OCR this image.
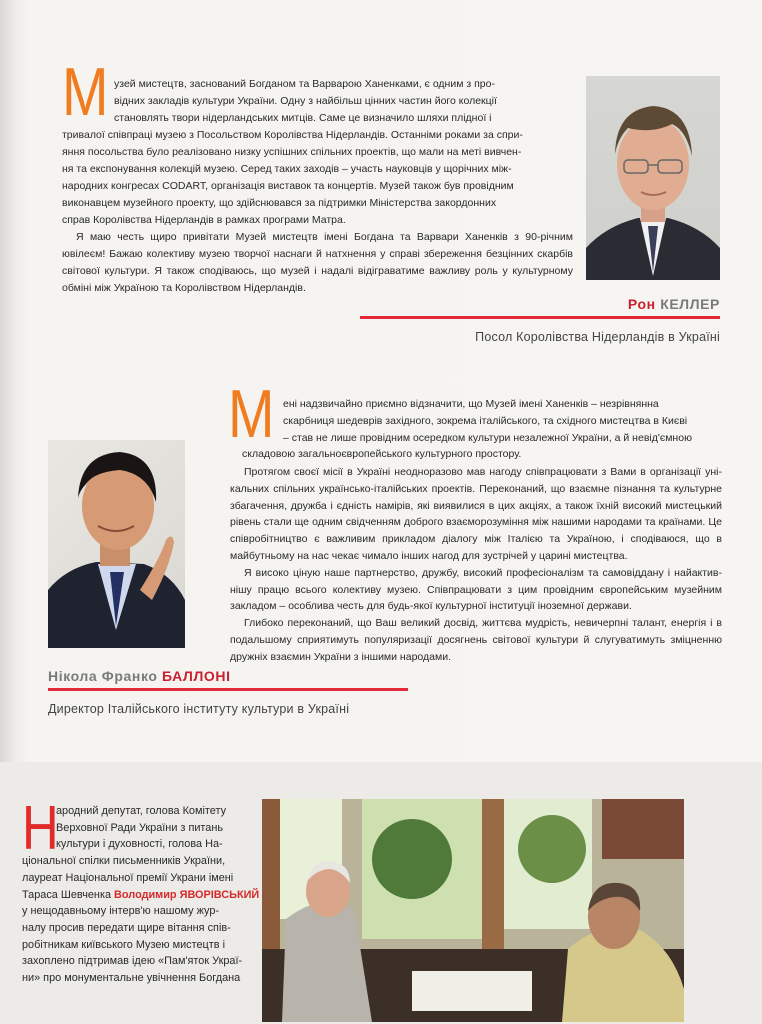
М узей мистецтв, заснований Богданом та Варварою Ханенками, є одним з про-
відних закладів культури України. Одну з найбільш цінних частин його колекції
становлять твори нідерландських митців. Саме це визначило шляхи плідної і
тривалої співпраці музею з Посольством Королівства Нідерландів. Останніми роками за спри-
яння посольства було реалізовано низку успішних спільних проектів, що мали на меті вивчен-
ня та експонування колекцій музею. Серед таких заходів – участь науковців у щорічних між-
народних конгресах CODART, організація виставок та концертів. Музей також був провідним
виконавцем музейного проекту, що здійснювався за підтримки Міністерства закордонних
справ Королівства Нідерландів в рамках програми Матра.

Я маю честь щиро привітати Музей мистецтв імені Богдана та Варвари Ханенків з 90-річним ювілеєм! Бажаю колективу музею творчої наснаги й натхнення у справі збереження безцінних скарбів світової культури. Я також сподіваюсь, що музей і надалі відіграватиме важливу роль у культурному обміні між Україною та Королівством Нідерландів.

Рон КЕЛЛЕР
Посол Королівства Нідерландів в Україні
М ені надзвичайно приємно відзначити, що Музей імені Ханенків – незрівнянна
скарбниця шедеврів західного, зокрема італійського, та східного мистецтва в Києві
– став не лише провідним осередком культури незалежної України, а й невід'ємною
складовою загальноєвропейського культурного простору.

Протягом своєї місії в Україні неодноразово мав нагоду співпрацювати з Вами в організації уні-кальних спільних українсько-італійських проектів. Переконаний, що взаємне пізнання та культурне збагачення, дружба і єдність намірів, які виявилися в цих акціях, а також їхній високий мистецький рівень стали ще одним свідченням доброго взаєморозуміння між нашими народами та країнами. Це співробітництво є важливим прикладом діалогу між Італією та Україною, і сподіваюся, що в майбутньому на нас чекає чимало інших нагод для зустрічей у царині мистецтва.

Я високо ціную наше партнерство, дружбу, високий професіоналізм та самовіддану і найактив-нішу працю всього колективу музею. Співпрацювати з цим провідним європейським музейним закладом – особлива честь для будь-якої культурної інституції іноземної держави.

Глибоко переконаний, що Ваш великий досвід, життєва мудрість, невичерпні талант, енергія і в подальшому сприятимуть популяризації досягнень світової культури й слугуватимуть зміцненню дружніх взаємин України з іншими народами.

Нікола Франко БАЛЛОНІ
Директор Італійського інституту культури в Україні
Н
ародний депутат, голова Комітету
Верховної Ради України з питань
культури і духовності, голова На-
ціональної спілки письменників України,
лауреат Національної премії Украни імені
Тараса Шевченка Володимир ЯВОРІВСЬКИЙ
у нещодавньому інтерв'ю нашому жур-
налу просив передати щире вітання спів-
робітникам київського Музею мистецтв і
захоплено підтримав ідею «Пам'яток Украї-
ни» про монументальне увічнення Богдана
